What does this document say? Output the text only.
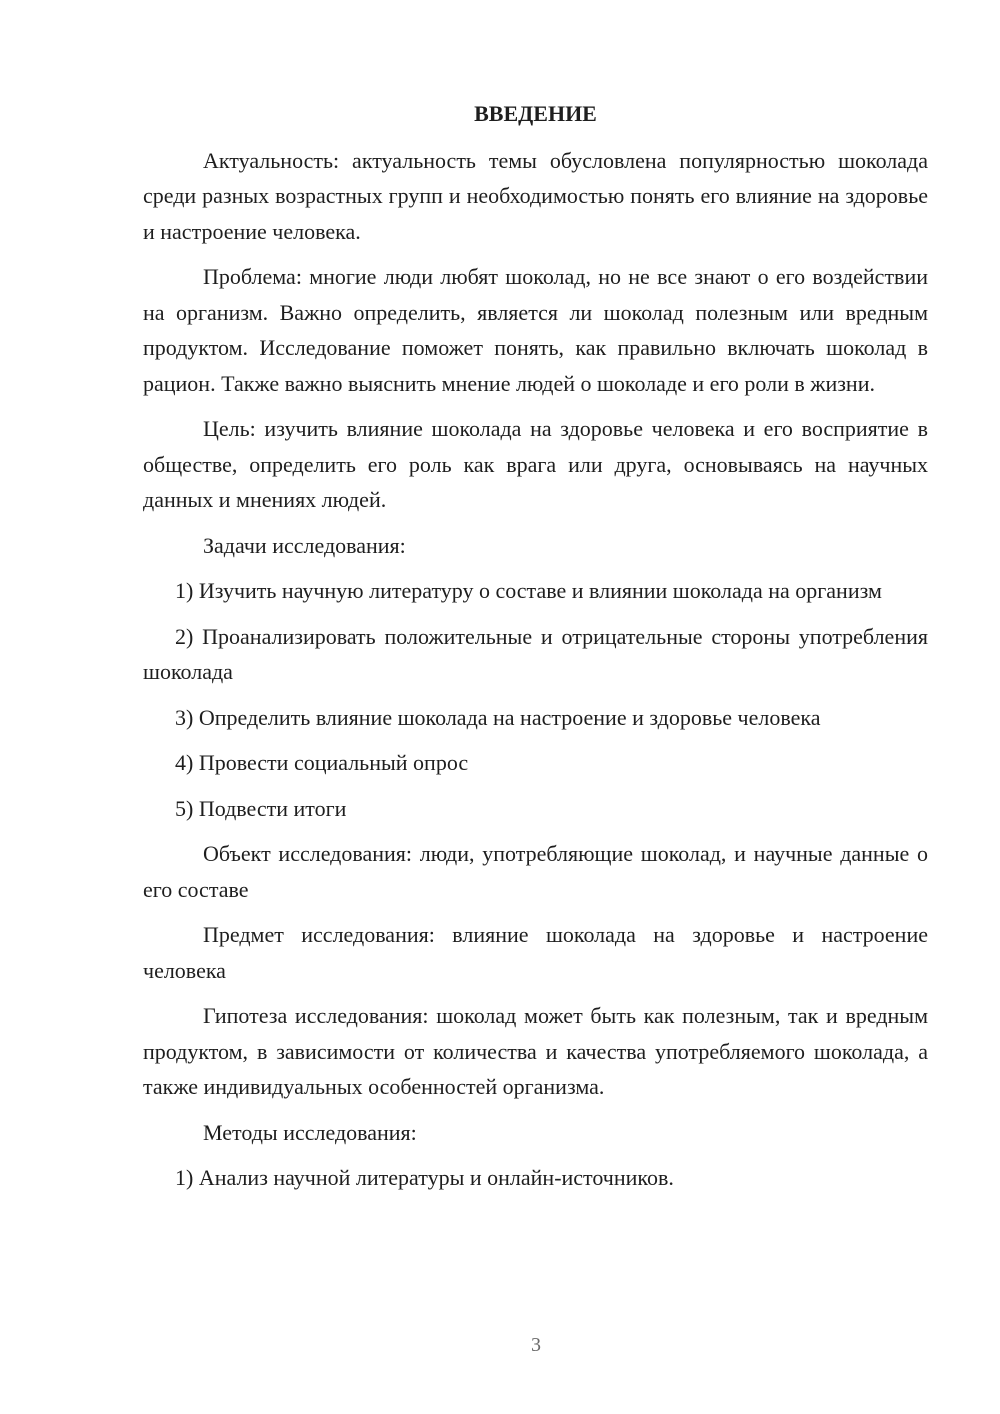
ВВЕДЕНИЕ

Актуальность: актуальность темы обусловлена популярностью шоколада среди разных возрастных групп и необходимостью понять его влияние на здоровье и настроение человека.

Проблема: многие люди любят шоколад, но не все знают о его воздействии на организм. Важно определить, является ли шоколад полезным или вредным продуктом. Исследование поможет понять, как правильно включать шоколад в рацион. Также важно выяснить мнение людей о шоколаде и его роли в жизни.

Цель: изучить влияние шоколада на здоровье человека и его восприятие в обществе, определить его роль как врага или друга, основываясь на научных данных и мнениях людей.

Задачи исследования:

1) Изучить научную литературу о составе и влиянии шоколада на организм

2) Проанализировать положительные и отрицательные стороны употребления шоколада

3) Определить влияние шоколада на настроение и здоровье человека

4) Провести социальный опрос

5) Подвести итоги

Объект исследования: люди, употребляющие шоколад, и научные данные о его составе

Предмет исследования: влияние шоколада на здоровье и настроение человека

Гипотеза исследования: шоколад может быть как полезным, так и вредным продуктом, в зависимости от количества и качества употребляемого шоколада, а также индивидуальных особенностей организма.

Методы исследования:

1) Анализ научной литературы и онлайн-источников.

3
